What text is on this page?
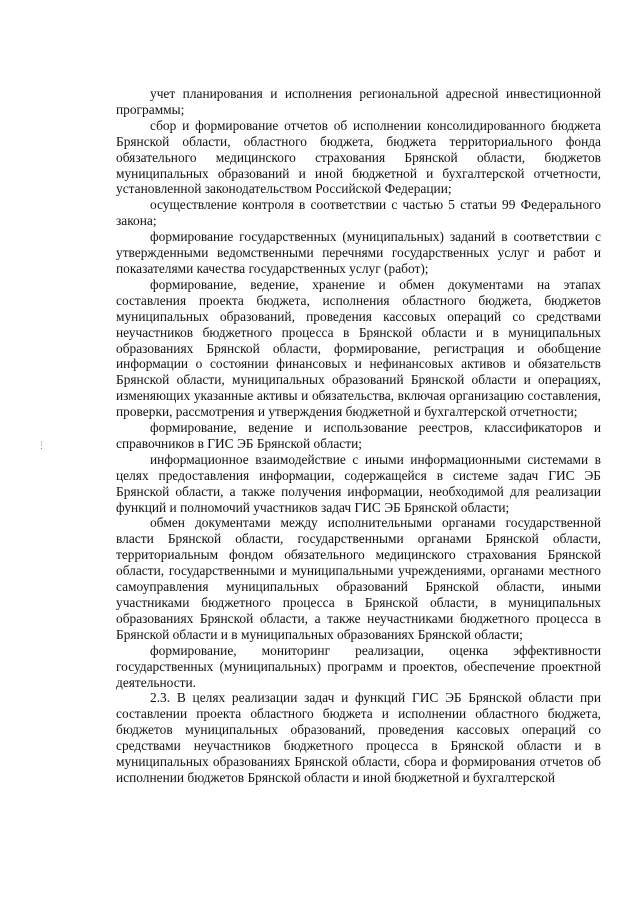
⋮

учет планирования и исполнения региональной адресной инвестиционной программы;

сбор и формирование отчетов об исполнении консолидированного бюджета Брянской области, областного бюджета, бюджета территориального фонда обязательного медицинского страхования Брянской области, бюджетов муниципальных образований и иной бюджетной и бухгалтерской отчетности, установленной законодательством Российской Федерации;

осуществление контроля в соответствии с частью 5 статьи 99 Федерального закона;

формирование государственных (муниципальных) заданий в соответствии с утвержденными ведомственными перечнями государственных услуг и работ и показателями качества государственных услуг (работ);

формирование, ведение, хранение и обмен документами на этапах составления проекта бюджета, исполнения областного бюджета, бюджетов муниципальных образований, проведения кассовых операций со средствами неучастников бюджетного процесса в Брянской области и в муниципальных образованиях Брянской области, формирование, регистрация и обобщение информации о состоянии финансовых и нефинансовых активов и обязательств Брянской области, муниципальных образований Брянской области и операциях, изменяющих указанные активы и обязательства, включая организацию составления, проверки, рассмотрения и утверждения бюджетной и бухгалтерской отчетности;

формирование, ведение и использование реестров, классификаторов и справочников в ГИС ЭБ Брянской области;

информационное взаимодействие с иными информационными системами в целях предоставления информации, содержащейся в системе задач ГИС ЭБ Брянской области, а также получения информации, необходимой для реализации функций и полномочий участников задач ГИС ЭБ Брянской области;

обмен документами между исполнительными органами государственной власти Брянской области, государственными органами Брянской области, территориальным фондом обязательного медицинского страхования Брянской области, государственными и муниципальными учреждениями, органами местного самоуправления муниципальных образований Брянской области, иными участниками бюджетного процесса в Брянской области, в муниципальных образованиях Брянской области, а также неучастниками бюджетного процесса в Брянской области и в муниципальных образованиях Брянской области;

формирование, мониторинг реализации, оценка эффективности государственных (муниципальных) программ и проектов, обеспечение проектной деятельности.

2.3. В целях реализации задач и функций ГИС ЭБ Брянской области при составлении проекта областного бюджета и исполнении областного бюджета, бюджетов муниципальных образований, проведения кассовых операций со средствами неучастников бюджетного процесса в Брянской области и в муниципальных образованиях Брянской области, сбора и формирования отчетов об исполнении бюджетов Брянской области и иной бюджетной и бухгалтерской
